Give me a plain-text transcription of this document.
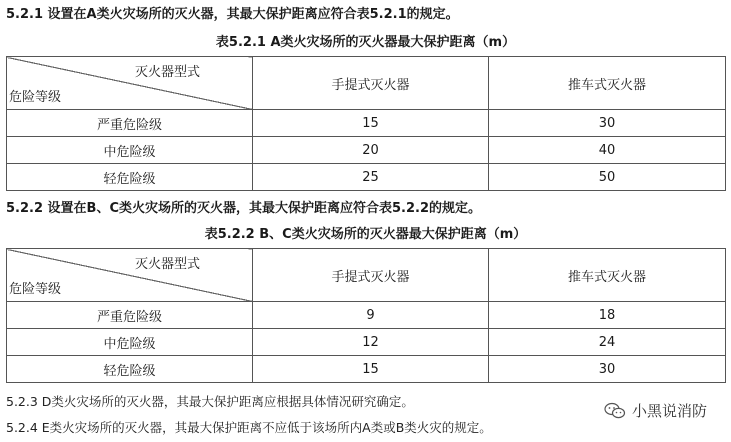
5.2.1 设置在A类火灾场所的灭火器，其最大保护距离应符合表5.2.1的规定。
表5.2.1 A类火灾场所的灭火器最大保护距离（m）
灭火器型式
危险等级	手提式灭火器	推车式灭火器
严重危险级	15	30
中危险级	20	40
轻危险级	25	50
5.2.2 设置在B、C类火灾场所的灭火器，其最大保护距离应符合表5.2.2的规定。
表5.2.2 B、C类火灾场所的灭火器最大保护距离（m）
灭火器型式
危险等级	手提式灭火器	推车式灭火器
严重危险级	9	18
中危险级	12	24
轻危险级	15	30
5.2.3 D类火灾场所的灭火器，其最大保护距离应根据具体情况研究确定。
5.2.4 E类火灾场所的灭火器，其最大保护距离不应低于该场所内A类或B类火灾的规定。
小黑说消防
